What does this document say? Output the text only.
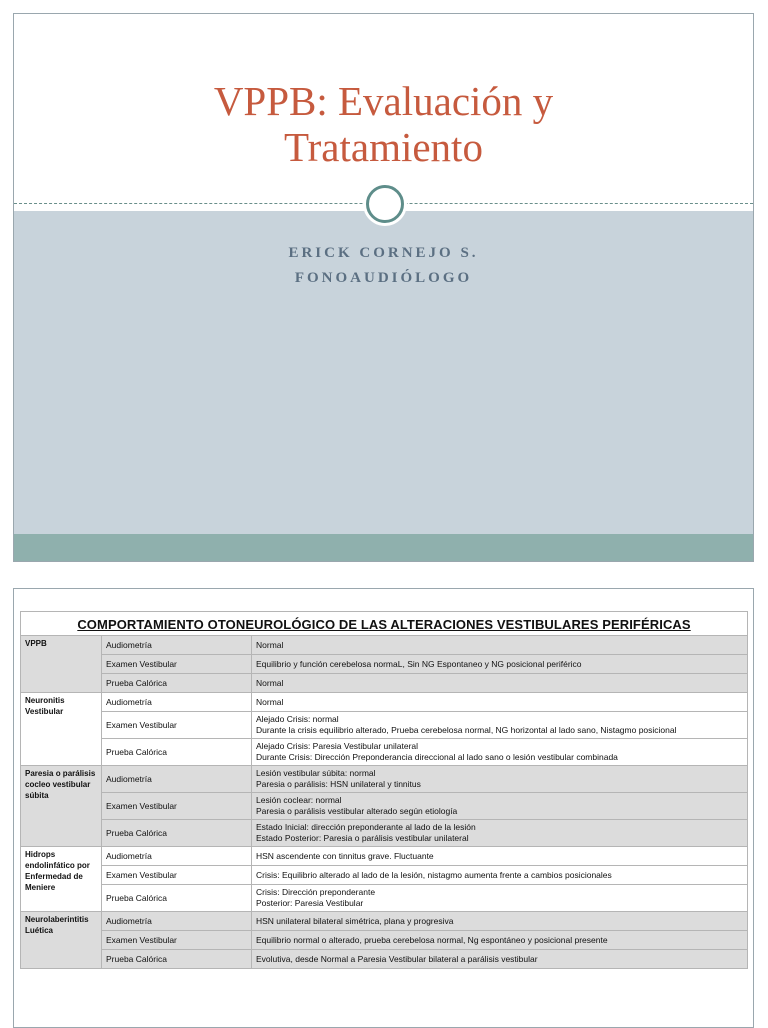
VPPB: Evaluación y
Tratamiento
ERICK CORNEJO S.
FONOAUDIÓLOGO
COMPORTAMIENTO OTONEUROLÓGICO DE LAS ALTERACIONES VESTIBULARES PERIFÉRICAS		
VPPB	Audiometría	Normal

	Examen Vestibular	Equilibrio y función cerebelosa normaL, Sin NG Espontaneo y NG posicional periférico

	Prueba Calórica	Normal

Neuronitis Vestibular	Audiometría	Normal

	Examen Vestibular	Alejado Crisis: normal
Durante la crisis equilibrio alterado, Prueba cerebelosa normal, NG horizontal al lado sano, Nistagmo posicional

	Prueba Calórica	Alejado Crisis: Paresia Vestibular unilateral
Durante Crisis: Dirección Preponderancia direccional al lado sano o lesión vestibular combinada

Paresia o parálisis cocleo vestibular súbita	Audiometría	Lesión vestibular súbita: normal
Paresia o parálisis: HSN unilateral y tinnitus

	Examen Vestibular	Lesión coclear: normal
Paresia o parálisis vestibular alterado según etiología

	Prueba Calórica	Estado Inicial: dirección preponderante al lado de la lesión
Estado Posterior: Paresia o parálisis vestibular unilateral

Hidrops endolinfático por Enfermedad de Meniere	Audiometría	HSN ascendente con tinnitus grave. Fluctuante

	Examen Vestibular	Crisis: Equilibrio alterado al lado de la lesión, nistagmo aumenta frente a cambios posicionales

	Prueba Calórica	Crisis: Dirección preponderante
Posterior: Paresia Vestibular

Neurolaberintitis Luética	Audiometría	HSN unilateral bilateral simétrica, plana y progresiva

	Examen Vestibular	Equilibrio normal o alterado, prueba cerebelosa normal, Ng espontáneo y posicional presente

	Prueba Calórica	Evolutiva, desde Normal a Paresia Vestibular bilateral a parálisis vestibular
